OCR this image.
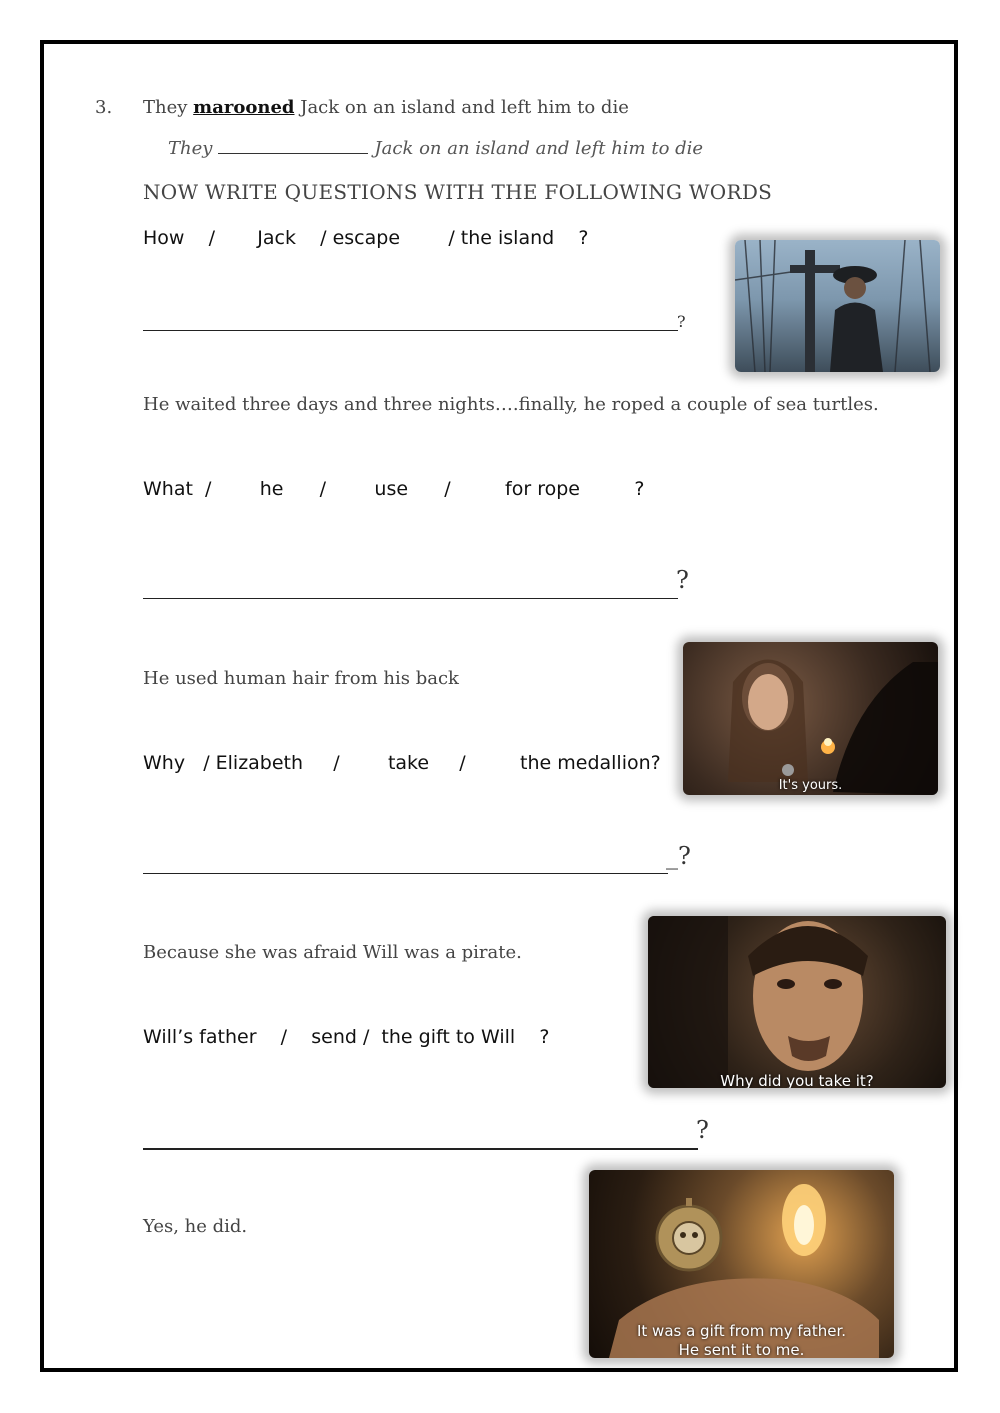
3. They marooned Jack on an island and left him to die
They	Jack on an island and left him to die
NOW WRITE QUESTIONS WITH THE FOLLOWING WORDS
How    /       Jack    / escape        / the island    ?
?
He waited three days and three nights….finally, he roped a couple of sea turtles.
What  /        he      /        use      /         for rope         ?
?
He used human hair from his back
Why   / Elizabeth     /        take     /         the medallion?
_?
Because she was afraid Will was a pirate.
Will’s father    /    send /  the gift to Will    ?
?
Yes, he did.
It's yours.
Why did you take it?
It was a gift from my father.
He sent it to me.
